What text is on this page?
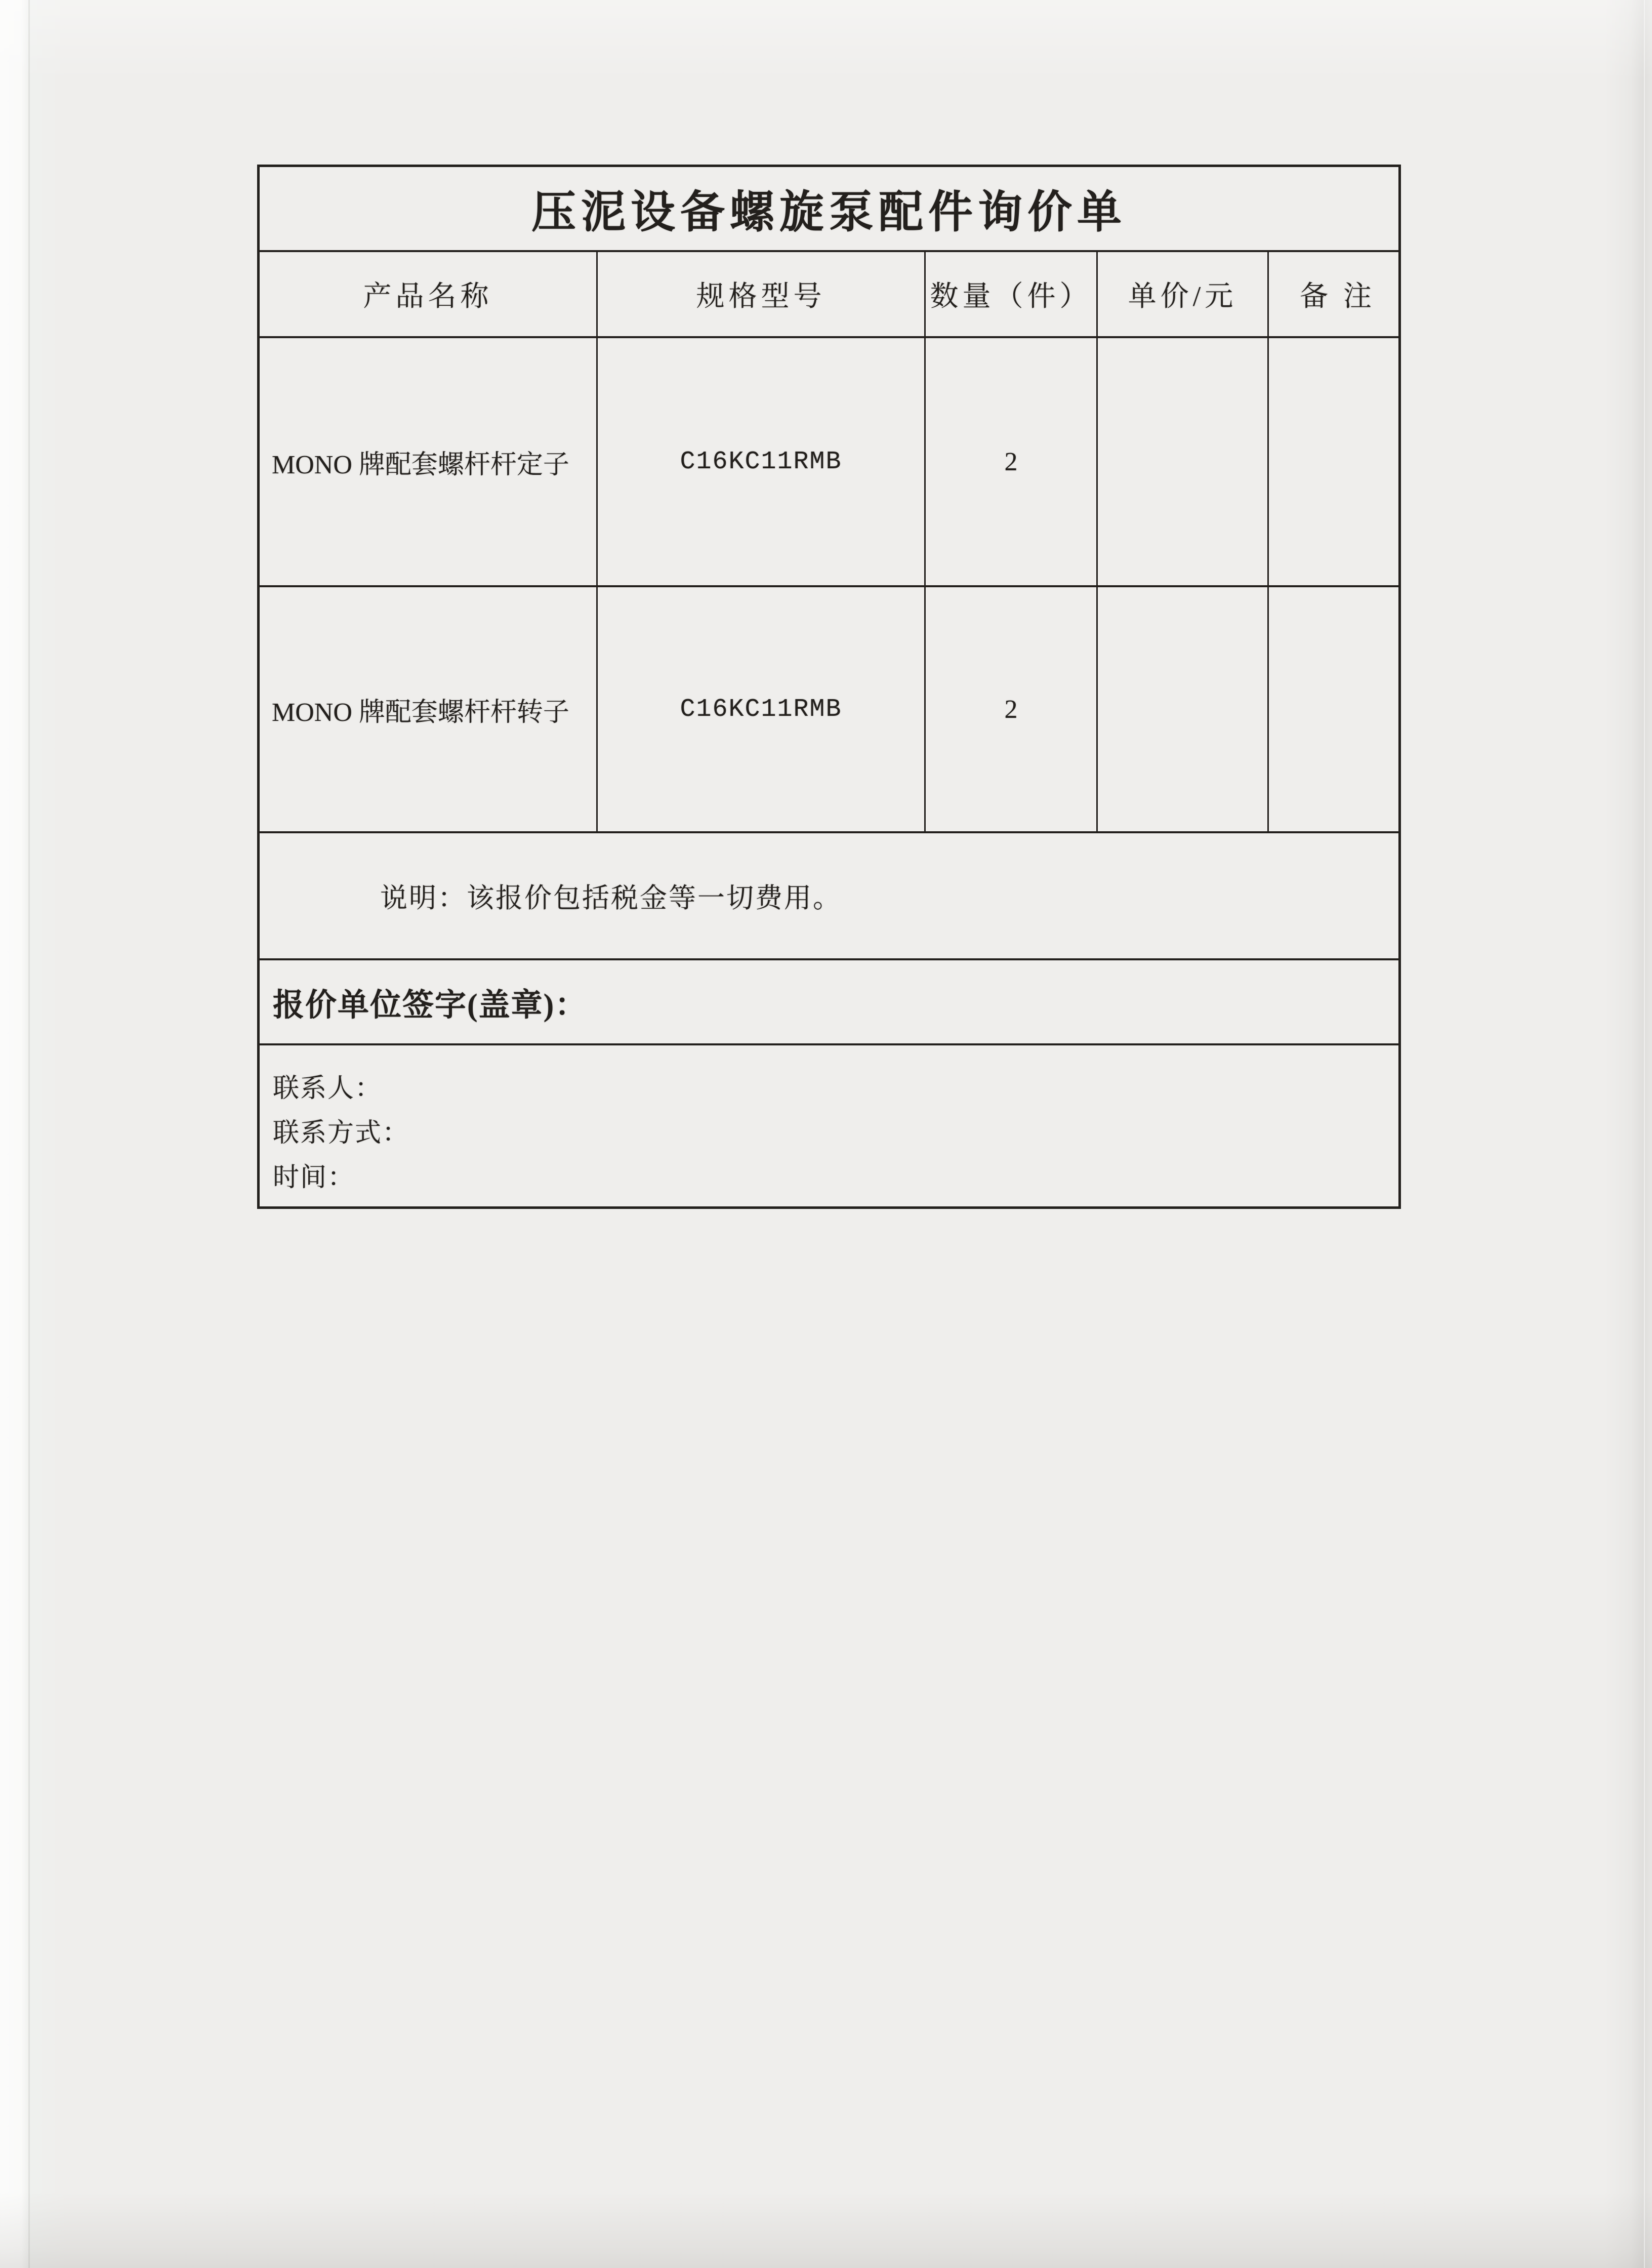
压泥设备螺旋泵配件询价单
产品名称	规格型号	数量（件）	单价/元	备注
MONO 牌配套螺杆杆定子	C16KC11RMB	2
MONO 牌配套螺杆杆转子	C16KC11RMB	2
说明：该报价包括税金等一切费用。
报价单位签字(盖章)：
联系人：
联系方式：
时间：
